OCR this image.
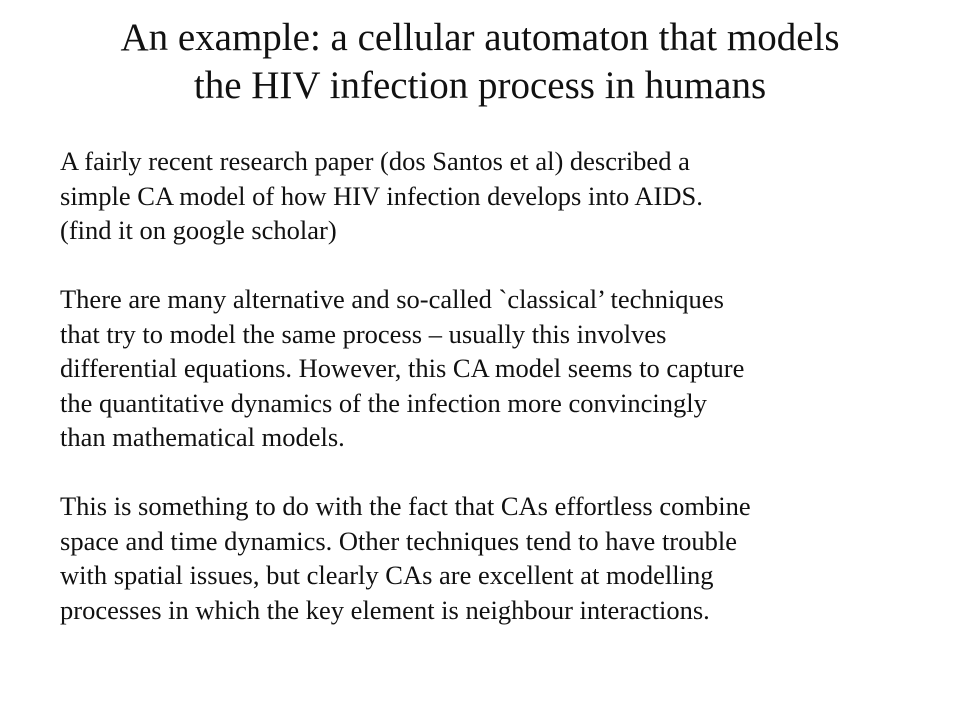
An example: a cellular automaton that models
the HIV infection process in humans
A fairly recent research paper (dos Santos et al) described a
simple CA model of how HIV infection develops into AIDS.
(find it on google scholar)
There are many alternative and so-called `classical’ techniques
that try to model the same process – usually this involves
differential equations. However, this CA model seems to capture
the quantitative dynamics of the infection more convincingly
than mathematical models.
This is something to do with the fact that CAs effortless combine
space and time dynamics. Other techniques tend to have trouble
with spatial issues, but clearly CAs are excellent at modelling
processes in which the key element is neighbour interactions.
